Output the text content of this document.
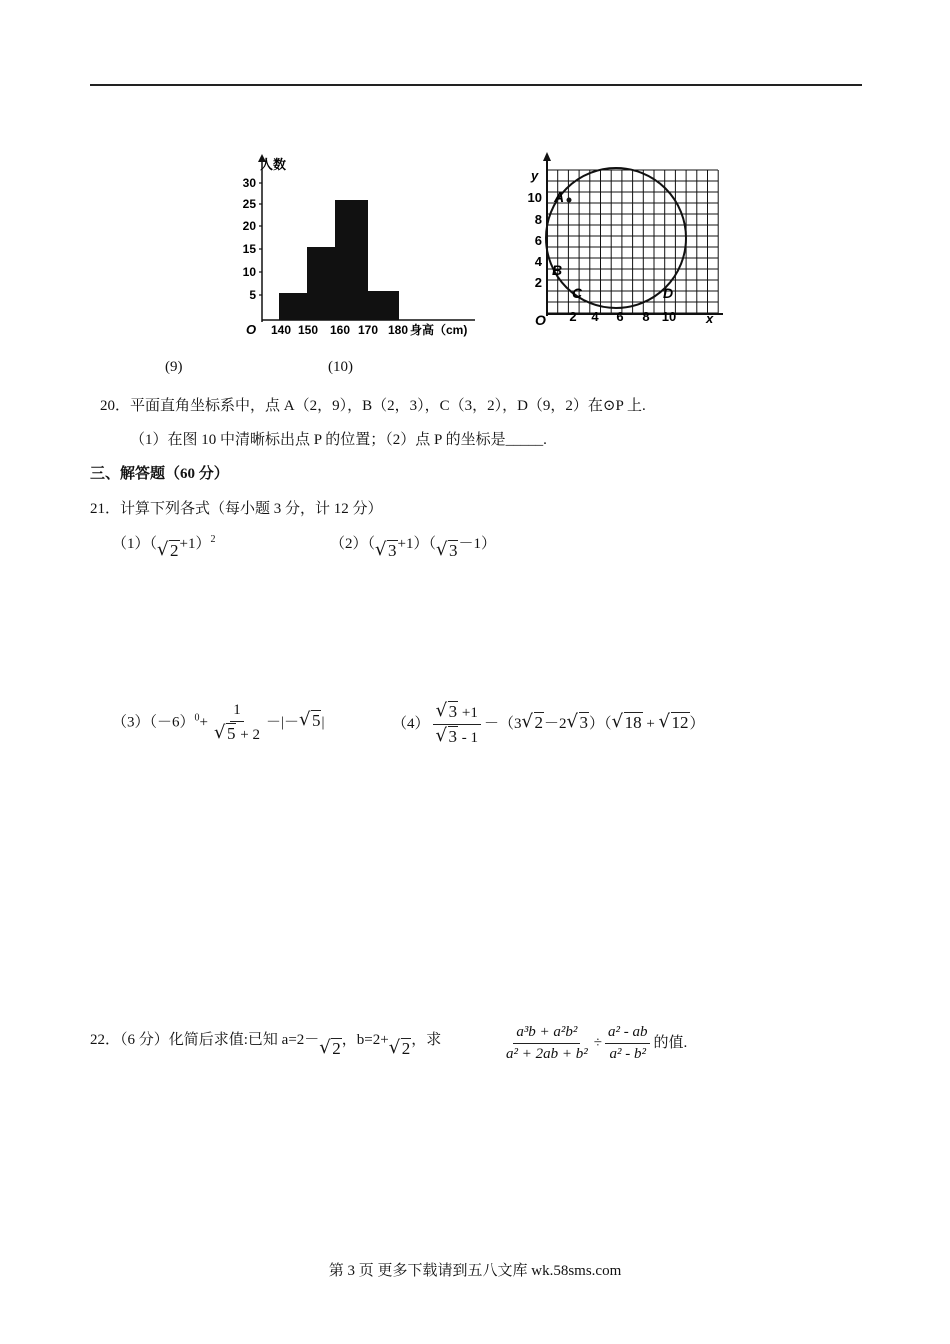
人数
30
25
20
15
10
5
O 140 150 160 170 180 身高（cm)
(9)
y
10
8
6
4
2
O 2 4 6 8 10 x
A
B
C	D
(10)
20．平面直角坐标系中，点 A（2，9），B（2，3），C（3，2），D（9，2）在⊙P 上.
（1）在图 10 中清晰标出点 P 的位置；（2）点 P 的坐标是_____.
三、解答题（60 分）
21．计算下列各式（每小题 3 分，计 12 分）
（1）（ √ 2+1）$^2$	（2）（ √ 3+1）（ √ 3－1）
$(3)(-6)^0+ 1$
√ 5 + 2 －|－ √ 5|	（4） √ 3 +1
√ 3 - 1 －（3 √ 2－2 √ 3）（ √ 18 + √ 12）
22．（6 分）化简后求值:已知 a=2－ √ 2，b=2+ √ 2，求	$\frac{\text{a³b + a²b²}}{\text{a² + 2ab + b²}} \div \frac{\text{a² - ab}}{\text{a² - b²}}$ 的值.
第 3 页 更多下载请到五八文库 wk.58sms.com
